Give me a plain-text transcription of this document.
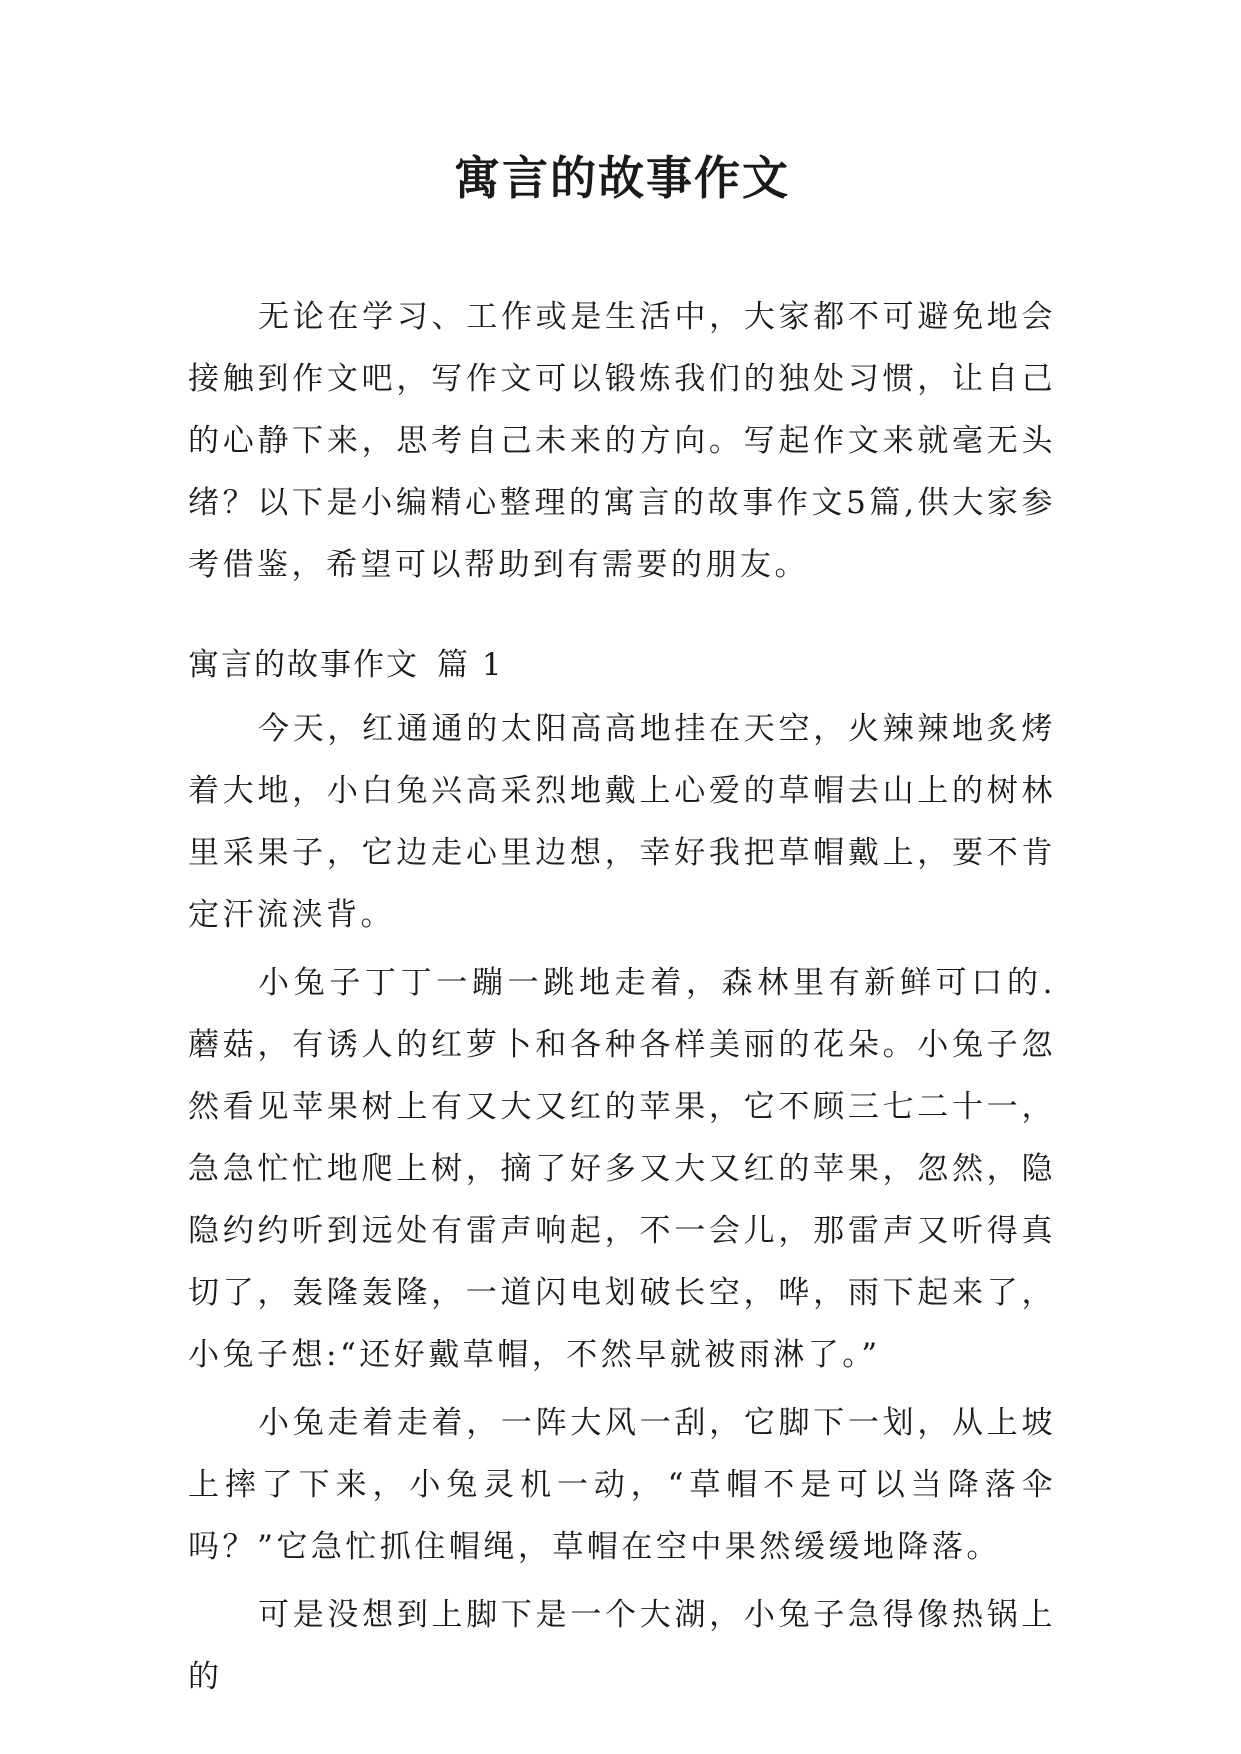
寓言的故事作文

无论在学习、工作或是生活中，大家都不可避免地会接触到作文吧，写作文可以锻炼我们的独处习惯，让自己的心静下来，思考自己未来的方向。写起作文来就毫无头绪？以下是小编精心整理的寓言的故事作文5篇,供大家参考借鉴，希望可以帮助到有需要的朋友。

寓言的故事作文 篇 1

今天，红通通的太阳高高地挂在天空，火辣辣地炙烤着大地，小白兔兴高采烈地戴上心爱的草帽去山上的树林里采果子，它边走心里边想，幸好我把草帽戴上，要不肯定汗流浃背。

小兔子丁丁一蹦一跳地走着，森林里有新鲜可口的.蘑菇，有诱人的红萝卜和各种各样美丽的花朵。小兔子忽然看见苹果树上有又大又红的苹果，它不顾三七二十一，急急忙忙地爬上树，摘了好多又大又红的苹果，忽然，隐隐约约听到远处有雷声响起，不一会儿，那雷声又听得真切了，轰隆轰隆，一道闪电划破长空，哗，雨下起来了，小兔子想:“还好戴草帽，不然早就被雨淋了。”

小兔走着走着，一阵大风一刮，它脚下一划，从上坡上摔了下来，小兔灵机一动，“草帽不是可以当降落伞吗？”它急忙抓住帽绳，草帽在空中果然缓缓地降落。

可是没想到上脚下是一个大湖，小兔子急得像热锅上的
